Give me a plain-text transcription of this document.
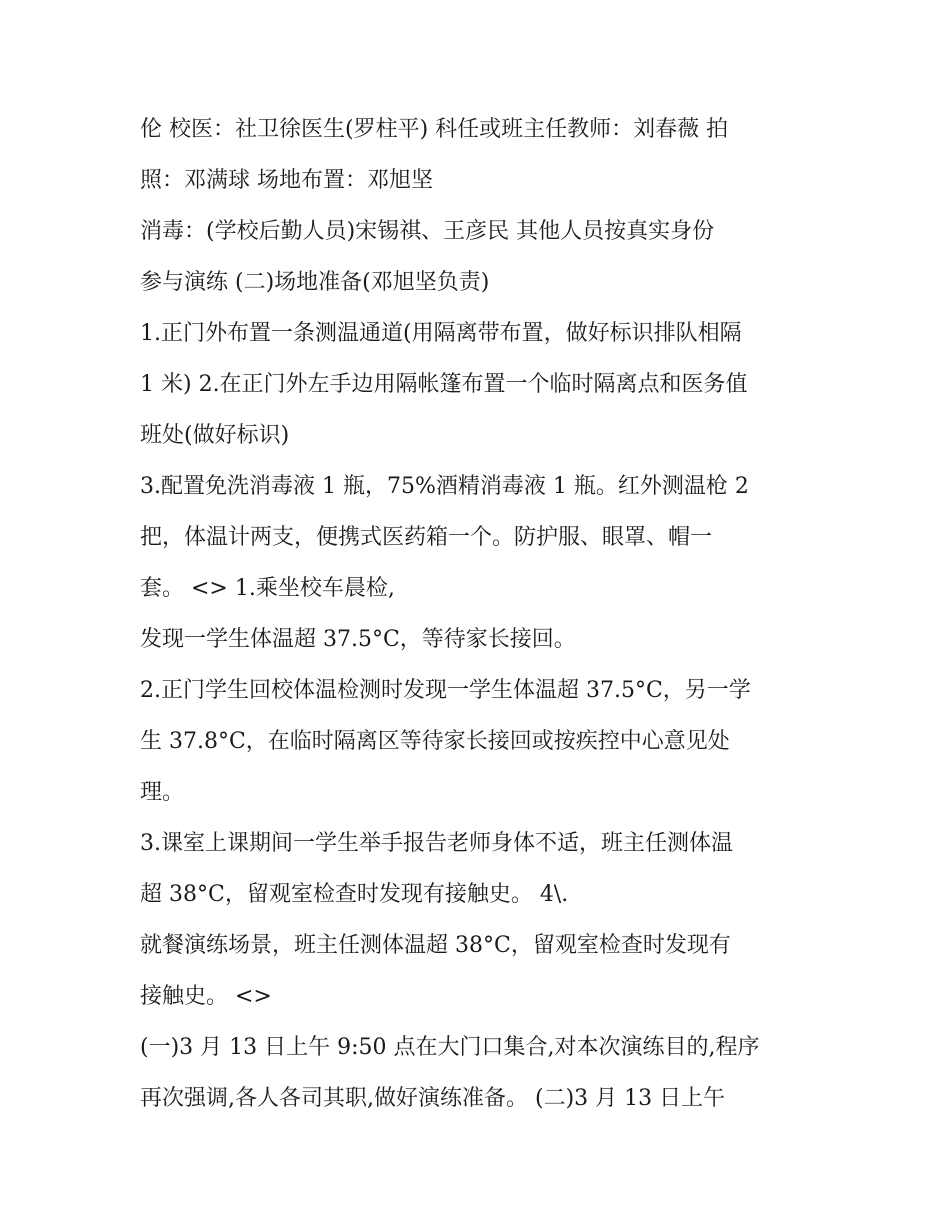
伦 校医：社卫徐医生(罗柱平) 科任或班主任教师：刘春薇 拍

照：邓满球 场地布置：邓旭坚

消毒：(学校后勤人员)宋锡祺、王彦民 其他人员按真实身份

参与演练 (二)场地准备(邓旭坚负责)

1.正门外布置一条测温通道(用隔离带布置，做好标识排队相隔

1 米) 2.在正门外左手边用隔帐篷布置一个临时隔离点和医务值

班处(做好标识)

3.配置免洗消毒液 1 瓶，75%酒精消毒液 1 瓶。红外测温枪 2

把，体温计两支，便携式医药箱一个。防护服、眼罩、帽一

套。 <> 1.乘坐校车晨检,

发现一学生体温超 37.5°C，等待家长接回。

2.正门学生回校体温检测时发现一学生体温超 37.5°C，另一学

生 37.8°C，在临时隔离区等待家长接回或按疾控中心意见处

理。

3.课室上课期间一学生举手报告老师身体不适，班主任测体温

超 38°C，留观室检查时发现有接触史。 4\.

就餐演练场景，班主任测体温超 38°C，留观室检查时发现有

接触史。 <>

(一)3 月 13 日上午 9:50 点在大门口集合,对本次演练目的,程序

再次强调,各人各司其职,做好演练准备。 (二)3 月 13 日上午
